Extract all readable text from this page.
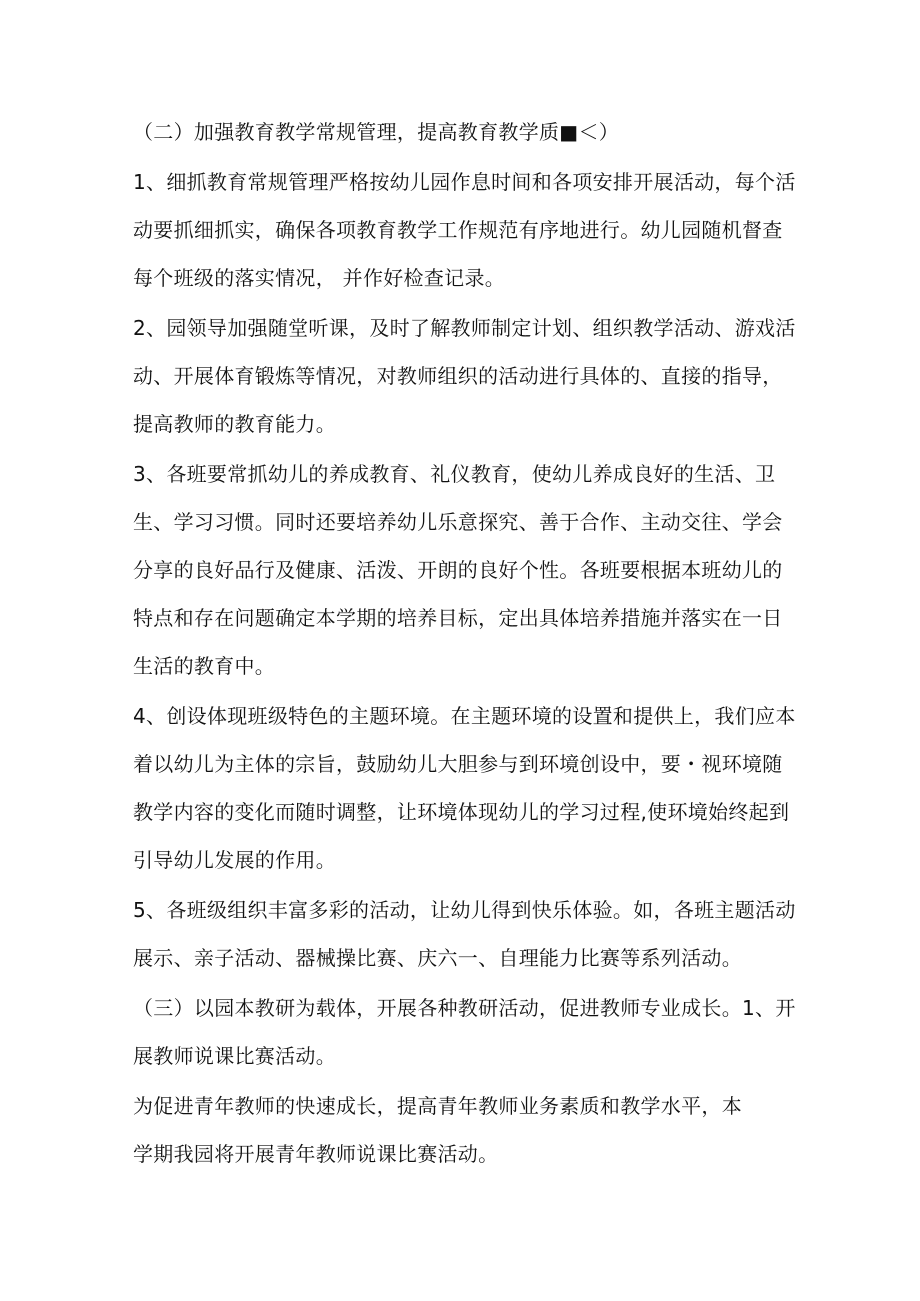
（二）加强教育教学常规管理，提高教育教学质■＜）
1、细抓教育常规管理严格按幼儿园作息时间和各项安排开展活动，每个活
动要抓细抓实，确保各项教育教学工作规范有序地进行。幼儿园随机督查
每个班级的落实情况， 并作好检查记录。
2、园领导加强随堂听课，及时了解教师制定计划、组织教学活动、游戏活
动、开展体育锻炼等情况，对教师组织的活动进行具体的、直接的指导，
提高教师的教育能力。
3、各班要常抓幼儿的养成教育、礼仪教育，使幼儿养成良好的生活、卫
生、学习习惯。同时还要培养幼儿乐意探究、善于合作、主动交往、学会
分享的良好品行及健康、活泼、开朗的良好个性。各班要根据本班幼儿的
特点和存在问题确定本学期的培养目标，定出具体培养措施并落实在一日
生活的教育中。
4、创设体现班级特色的主题环境。在主题环境的设置和提供上，我们应本
着以幼儿为主体的宗旨，鼓励幼儿大胆参与到环境创设中，要・视环境随
教学内容的变化而随时调整，让环境体现幼儿的学习过程,使环境始终起到
引导幼儿发展的作用。
5、各班级组织丰富多彩的活动，让幼儿得到快乐体验。如，各班主题活动
展示、亲子活动、器械操比赛、庆六一、自理能力比赛等系列活动。
（三）以园本教研为载体，开展各种教研活动，促进教师专业成长。1、开
展教师说课比赛活动。
为促进青年教师的快速成长，提高青年教师业务素质和教学水平，本
学期我园将开展青年教师说课比赛活动。
